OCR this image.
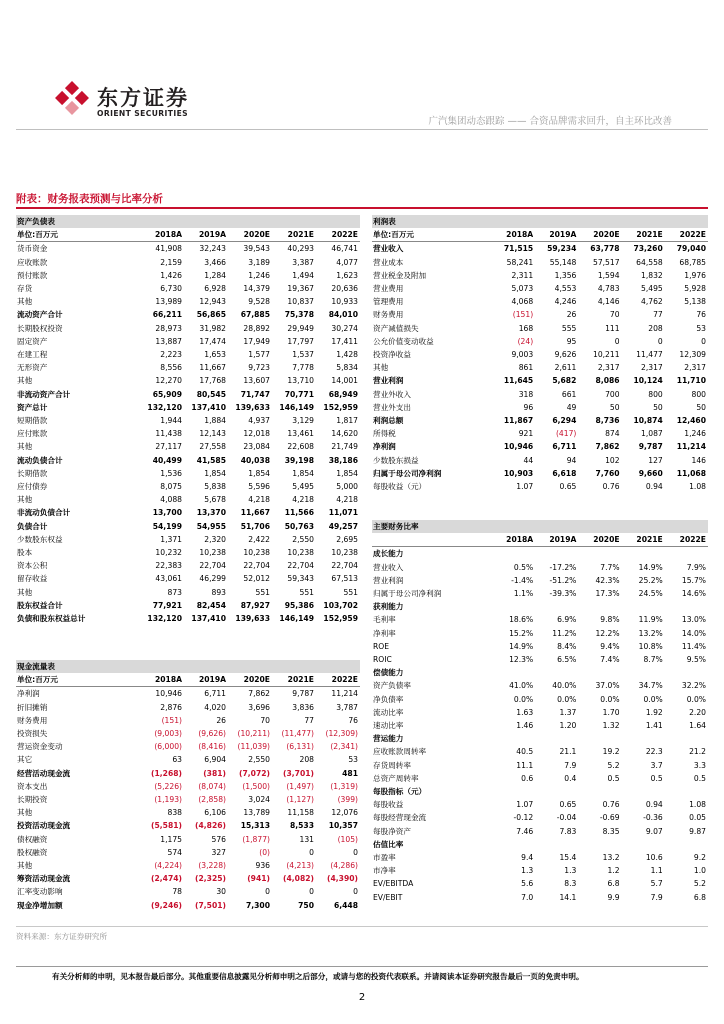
东方证券
ORIENT SECURITIES
广汽集团动态跟踪 —— 合资品牌需求回升，自主环比改善
附表：财务报表预测与比率分析
资产负债表					
单位:百万元	2018A	2019A	2020E	2021E	2022E
货币资金	41,908	32,243	39,543	40,293	46,741
应收账款	2,159	3,466	3,189	3,387	4,077
预付账款	1,426	1,284	1,246	1,494	1,623
存货	6,730	6,928	14,379	19,367	20,636
其他	13,989	12,943	9,528	10,837	10,933
流动资产合计	66,211	56,865	67,885	75,378	84,010
长期股权投资	28,973	31,982	28,892	29,949	30,274
固定资产	13,887	17,474	17,949	17,797	17,411
在建工程	2,223	1,653	1,577	1,537	1,428
无形资产	8,556	11,667	9,723	7,778	5,834
其他	12,270	17,768	13,607	13,710	14,001
非流动资产合计	65,909	80,545	71,747	70,771	68,949
资产总计	132,120	137,410	139,633	146,149	152,959
短期借款	1,944	1,884	4,937	3,129	1,817
应付账款	11,438	12,143	12,018	13,461	14,620
其他	27,117	27,558	23,084	22,608	21,749
流动负债合计	40,499	41,585	40,038	39,198	38,186
长期借款	1,536	1,854	1,854	1,854	1,854
应付债券	8,075	5,838	5,596	5,495	5,000
其他	4,088	5,678	4,218	4,218	4,218
非流动负债合计	13,700	13,370	11,667	11,566	11,071
负债合计	54,199	54,955	51,706	50,763	49,257
少数股东权益	1,371	2,320	2,422	2,550	2,695
股本	10,232	10,238	10,238	10,238	10,238
资本公积	22,383	22,704	22,704	22,704	22,704
留存收益	43,061	46,299	52,012	59,343	67,513
其他	873	893	551	551	551
股东权益合计	77,921	82,454	87,927	95,386	103,702
负债和股东权益总计	132,120	137,410	139,633	146,149	152,959
现金流量表					
单位:百万元	2018A	2019A	2020E	2021E	2022E
净利润	10,946	6,711	7,862	9,787	11,214
折旧摊销	2,876	4,020	3,696	3,836	3,787
财务费用	(151)	26	70	77	76
投资损失	(9,003)	(9,626)	(10,211)	(11,477)	(12,309)
营运资金变动	(6,000)	(8,416)	(11,039)	(6,131)	(2,341)
其它	63	6,904	2,550	208	53
经营活动现金流	(1,268)	(381)	(7,072)	(3,701)	481
资本支出	(5,226)	(8,074)	(1,500)	(1,497)	(1,319)
长期投资	(1,193)	(2,858)	3,024	(1,127)	(399)
其他	838	6,106	13,789	11,158	12,076
投资活动现金流	(5,581)	(4,826)	15,313	8,533	10,357
债权融资	1,175	576	(1,877)	131	(105)
股权融资	574	327	(0)	0	0
其他	(4,224)	(3,228)	936	(4,213)	(4,286)
筹资活动现金流	(2,474)	(2,325)	(941)	(4,082)	(4,390)
汇率变动影响	78	30	0	0	0
现金净增加额	(9,246)	(7,501)	7,300	750	6,448
利润表					
单位:百万元	2018A	2019A	2020E	2021E	2022E
营业收入	71,515	59,234	63,778	73,260	79,040
营业成本	58,241	55,148	57,517	64,558	68,785
营业税金及附加	2,311	1,356	1,594	1,832	1,976
营业费用	5,073	4,553	4,783	5,495	5,928
管理费用	4,068	4,246	4,146	4,762	5,138
财务费用	(151)	26	70	77	76
资产减值损失	168	555	111	208	53
公允价值变动收益	(24)	95	0	0	0
投资净收益	9,003	9,626	10,211	11,477	12,309
其他	861	2,611	2,317	2,317	2,317
营业利润	11,645	5,682	8,086	10,124	11,710
营业外收入	318	661	700	800	800
营业外支出	96	49	50	50	50
利润总额	11,867	6,294	8,736	10,874	12,460
所得税	921	(417)	874	1,087	1,246
净利润	10,946	6,711	7,862	9,787	11,214
少数股东损益	44	94	102	127	146
归属于母公司净利润	10,903	6,618	7,760	9,660	11,068
每股收益（元）	1.07	0.65	0.76	0.94	1.08
主要财务比率					
	2018A	2019A	2020E	2021E	2022E
成长能力					
营业收入	0.5%	-17.2%	7.7%	14.9%	7.9%
营业利润	-1.4%	-51.2%	42.3%	25.2%	15.7%
归属于母公司净利润	1.1%	-39.3%	17.3%	24.5%	14.6%
获利能力					
毛利率	18.6%	6.9%	9.8%	11.9%	13.0%
净利率	15.2%	11.2%	12.2%	13.2%	14.0%
ROE	14.9%	8.4%	9.4%	10.8%	11.4%
ROIC	12.3%	6.5%	7.4%	8.7%	9.5%
偿债能力					
资产负债率	41.0%	40.0%	37.0%	34.7%	32.2%
净负债率	0.0%	0.0%	0.0%	0.0%	0.0%
流动比率	1.63	1.37	1.70	1.92	2.20
速动比率	1.46	1.20	1.32	1.41	1.64
营运能力					
应收账款周转率	40.5	21.1	19.2	22.3	21.2
存货周转率	11.1	7.9	5.2	3.7	3.3
总资产周转率	0.6	0.4	0.5	0.5	0.5
每股指标（元）					
每股收益	1.07	0.65	0.76	0.94	1.08
每股经营现金流	-0.12	-0.04	-0.69	-0.36	0.05
每股净资产	7.46	7.83	8.35	9.07	9.87
估值比率					
市盈率	9.4	15.4	13.2	10.6	9.2
市净率	1.3	1.3	1.2	1.1	1.0
EV/EBITDA	5.6	8.3	6.8	5.7	5.2
EV/EBIT	7.0	14.1	9.9	7.9	6.8
资料来源：东方证券研究所
有关分析师的申明，见本报告最后部分。其他重要信息披露见分析师申明之后部分，或请与您的投资代表联系。并请阅读本证券研究报告最后一页的免责申明。
2
